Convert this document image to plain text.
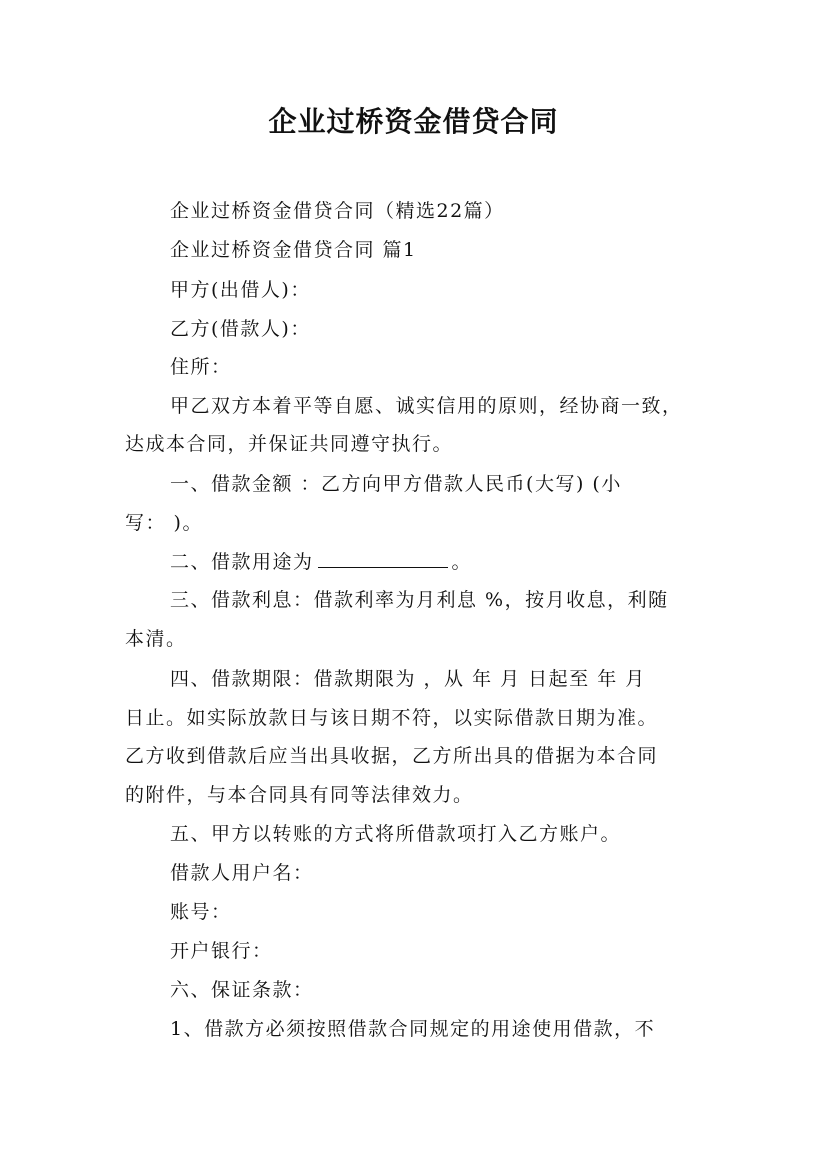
企业过桥资金借贷合同
企业过桥资金借贷合同（精选22篇）
企业过桥资金借贷合同 篇1
甲方(出借人)：
乙方(借款人)：
住所：
甲乙双方本着平等自愿、诚实信用的原则，经协商一致，
达成本合同，并保证共同遵守执行。
一、借款金额 ：乙方向甲方借款人民币(大写) (小
写： )。
二、借款用途为	。
三、借款利息：借款利率为月利息 %，按月收息，利随
本清。
四、借款期限：借款期限为 ，从 年 月 日起至 年 月
日止。如实际放款日与该日期不符，以实际借款日期为准。
乙方收到借款后应当出具收据，乙方所出具的借据为本合同
的附件，与本合同具有同等法律效力。
五、甲方以转账的方式将所借款项打入乙方账户。
借款人用户名：
账号：
开户银行：
六、保证条款：
1、借款方必须按照借款合同规定的用途使用借款，不
